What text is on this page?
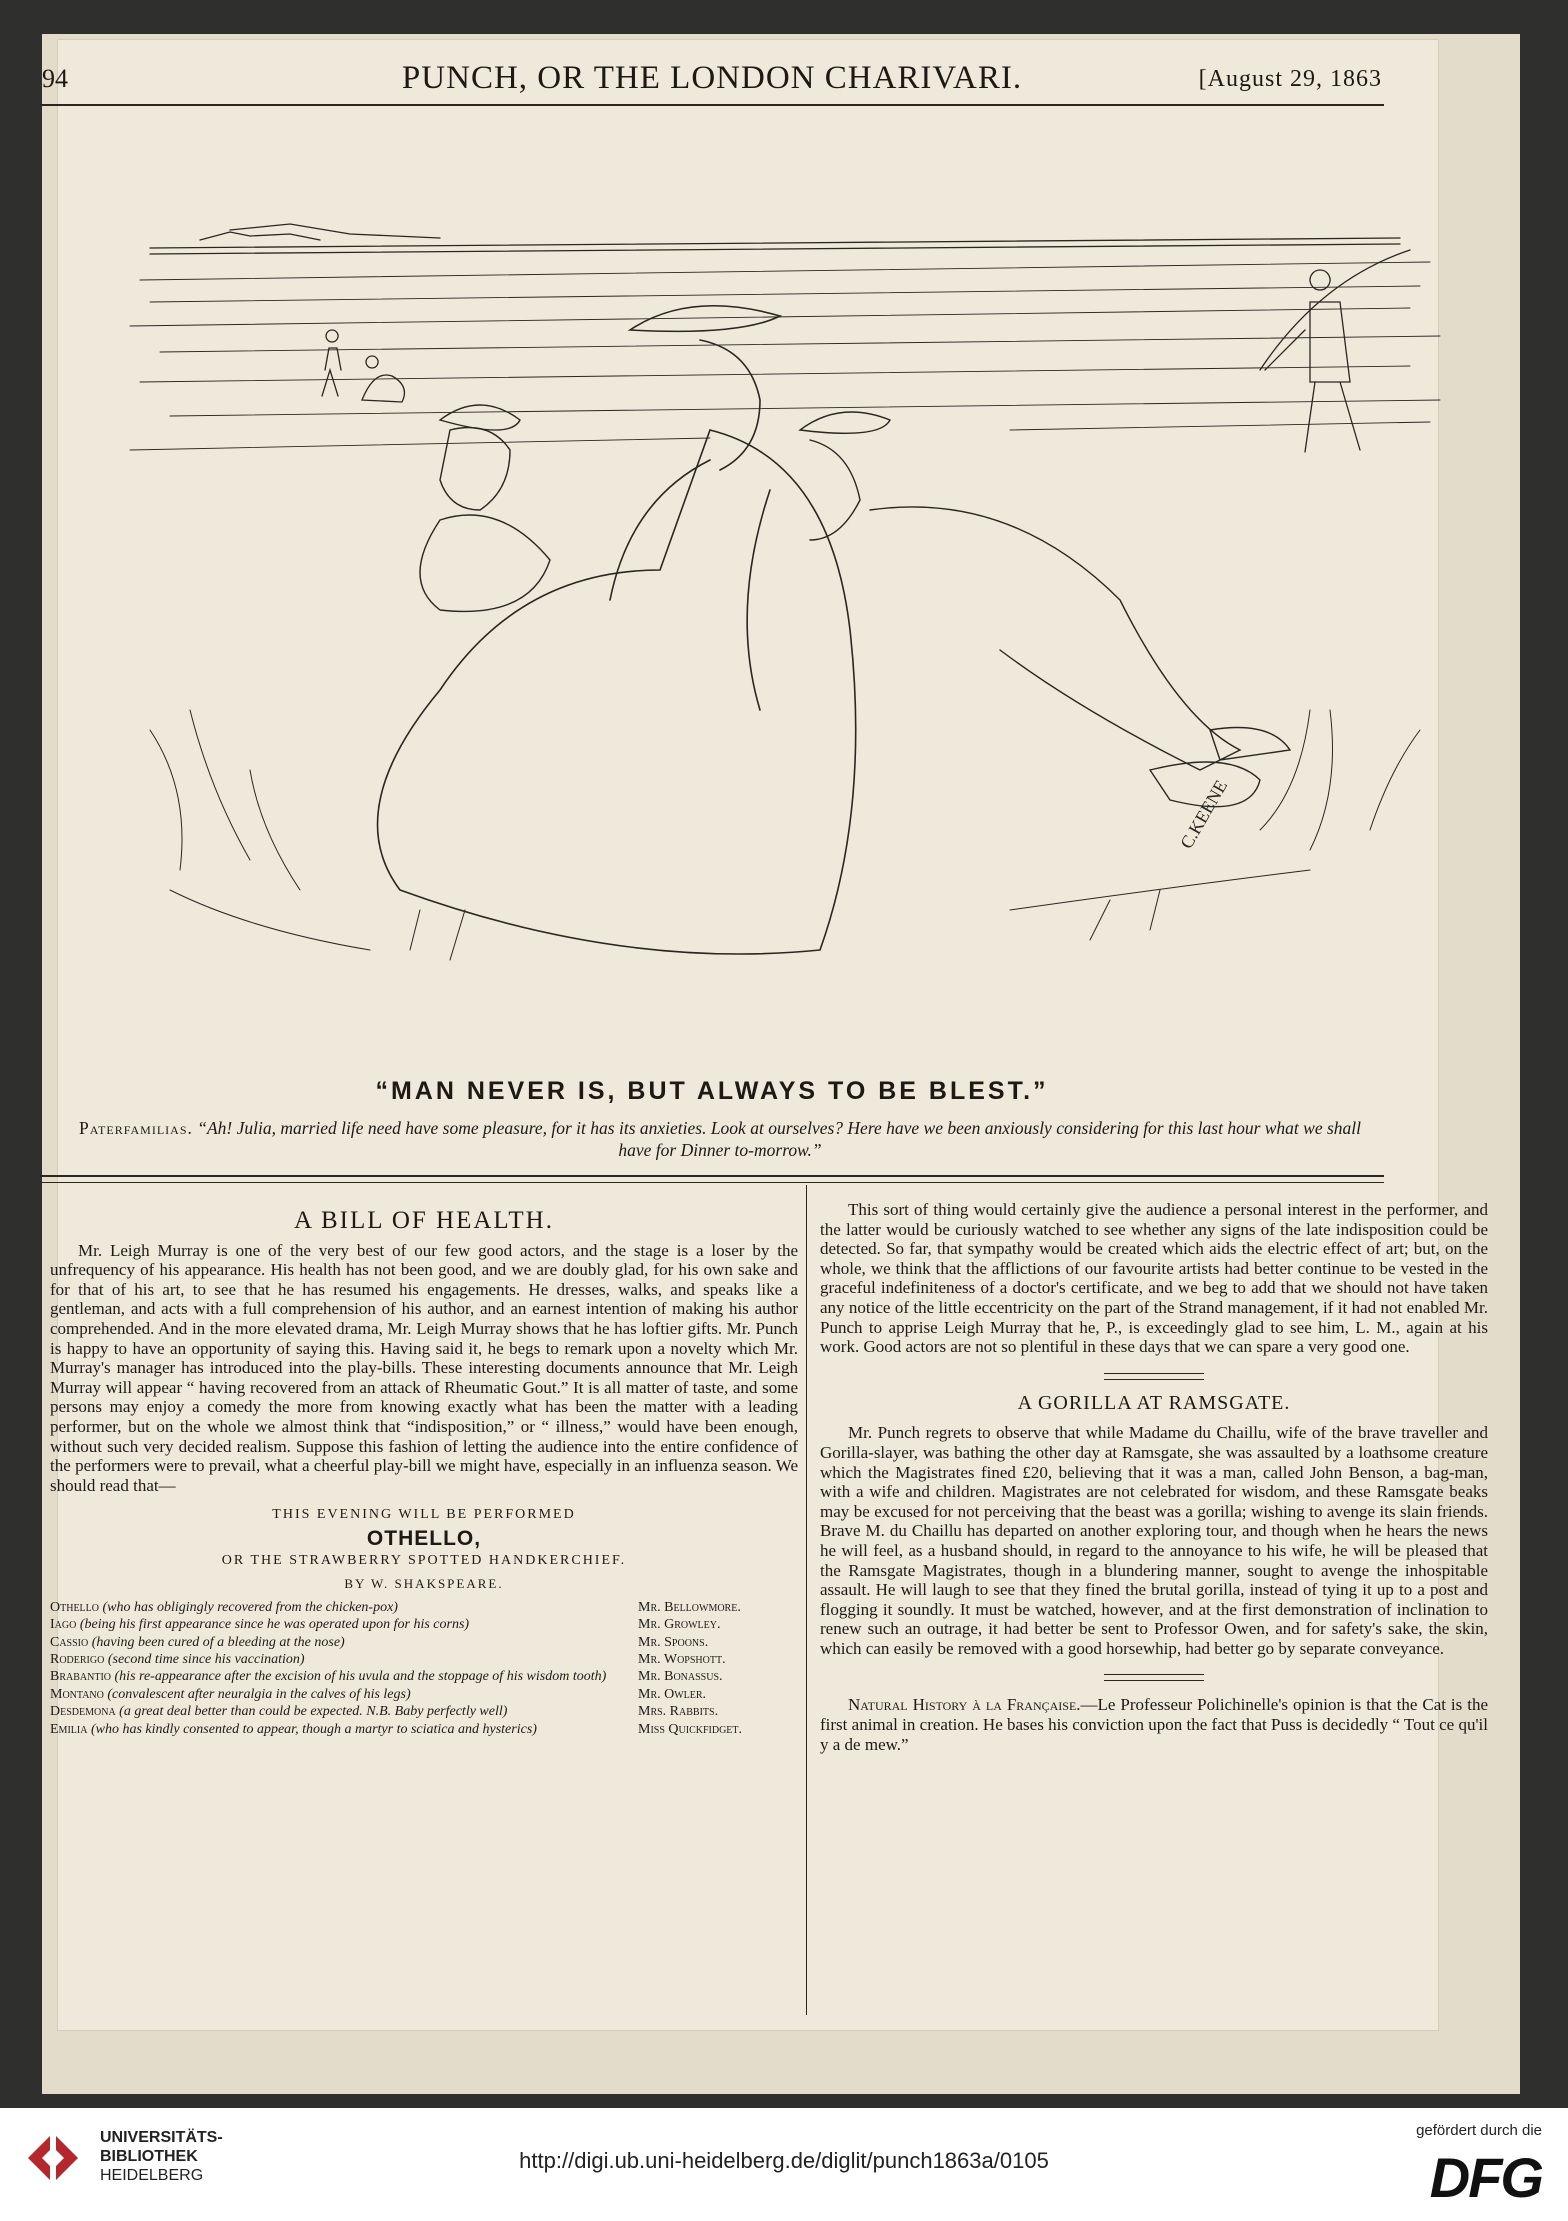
94	PUNCH, OR THE LONDON CHARIVARI.	[August 29, 1863
C.KEENE
“MAN NEVER IS, BUT ALWAYS TO BE BLEST.”
Paterfamilias. “Ah! Julia, married life need have some pleasure, for it has its anxieties. Look at ourselves? Here have we been anxiously considering for this last hour what we shall have for Dinner to-morrow.”
A BILL OF HEALTH.

Mr. Leigh Murray is one of the very best of our few good actors, and the stage is a loser by the unfrequency of his appearance. His health has not been good, and we are doubly glad, for his own sake and for that of his art, to see that he has resumed his engagements. He dresses, walks, and speaks like a gentleman, and acts with a full comprehension of his author, and an earnest intention of making his author comprehended. And in the more elevated drama, Mr. Leigh Murray shows that he has loftier gifts. Mr. Punch is happy to have an opportunity of saying this. Having said it, he begs to remark upon a novelty which Mr. Murray's manager has introduced into the play-bills. These interesting documents announce that Mr. Leigh Murray will appear “ having recovered from an attack of Rheumatic Gout.” It is all matter of taste, and some persons may enjoy a comedy the more from knowing exactly what has been the matter with a leading performer, but on the whole we almost think that “indisposition,” or “ illness,” would have been enough, without such very decided realism. Suppose this fashion of letting the audience into the entire confidence of the performers were to prevail, what a cheerful play-bill we might have, especially in an influenza season. We should read that—

THIS EVENING WILL BE PERFORMED
OTHELLO,
OR THE STRAWBERRY SPOTTED HANDKERCHIEF.
BY W. SHAKSPEARE.
Othello (who has obligingly recovered from the chicken-pox)	Mr. Bellowmore.
Iago (being his first appearance since he was operated upon for his corns)	Mr. Growley.
Cassio (having been cured of a bleeding at the nose)	Mr. Spoons.
Roderigo (second time since his vaccination)	Mr. Wopshott.
Brabantio (his re-appearance after the excision of his uvula and the stoppage of his wisdom tooth)	Mr. Bonassus.
Montano (convalescent after neuralgia in the calves of his legs)	Mr. Owler.
Desdemona (a great deal better than could be expected. N.B. Baby perfectly well)	Mrs. Rabbits.
Emilia (who has kindly consented to appear, though a martyr to sciatica and hysterics)	Miss Quickfidget.

This sort of thing would certainly give the audience a personal interest in the performer, and the latter would be curiously watched to see whether any signs of the late indisposition could be detected. So far, that sympathy would be created which aids the electric effect of art; but, on the whole, we think that the afflictions of our favourite artists had better continue to be vested in the graceful indefiniteness of a doctor's certificate, and we beg to add that we should not have taken any notice of the little eccentricity on the part of the Strand management, if it had not enabled Mr. Punch to apprise Leigh Murray that he, P., is exceedingly glad to see him, L. M., again at his work. Good actors are not so plentiful in these days that we can spare a very good one.

A GORILLA AT RAMSGATE.

Mr. Punch regrets to observe that while Madame du Chaillu, wife of the brave traveller and Gorilla-slayer, was bathing the other day at Ramsgate, she was assaulted by a loathsome creature which the Magistrates fined £20, believing that it was a man, called John Benson, a bag-man, with a wife and children. Magistrates are not celebrated for wisdom, and these Ramsgate beaks may be excused for not perceiving that the beast was a gorilla; wishing to avenge its slain friends. Brave M. du Chaillu has departed on another exploring tour, and though when he hears the news he will feel, as a husband should, in regard to the annoyance to his wife, he will be pleased that the Ramsgate Magistrates, though in a blundering manner, sought to avenge the inhospitable assault. He will laugh to see that they fined the brutal gorilla, instead of tying it up to a post and flogging it soundly. It must be watched, however, and at the first demonstration of inclination to renew such an outrage, it had better be sent to Professor Owen, and for safety's sake, the skin, which can easily be removed with a good horsewhip, had better go by separate conveyance.

Natural History à la Française.—Le Professeur Polichinelle's opinion is that the Cat is the first animal in creation. He bases his conviction upon the fact that Puss is decidedly “ Tout ce qu'il y a de mew.”

UNIVERSITÄTS-
BIBLIOTHEK
HEIDELBERG
http://digi.ub.uni-heidelberg.de/diglit/punch1863a/0105
gefördert durch die
DFG
